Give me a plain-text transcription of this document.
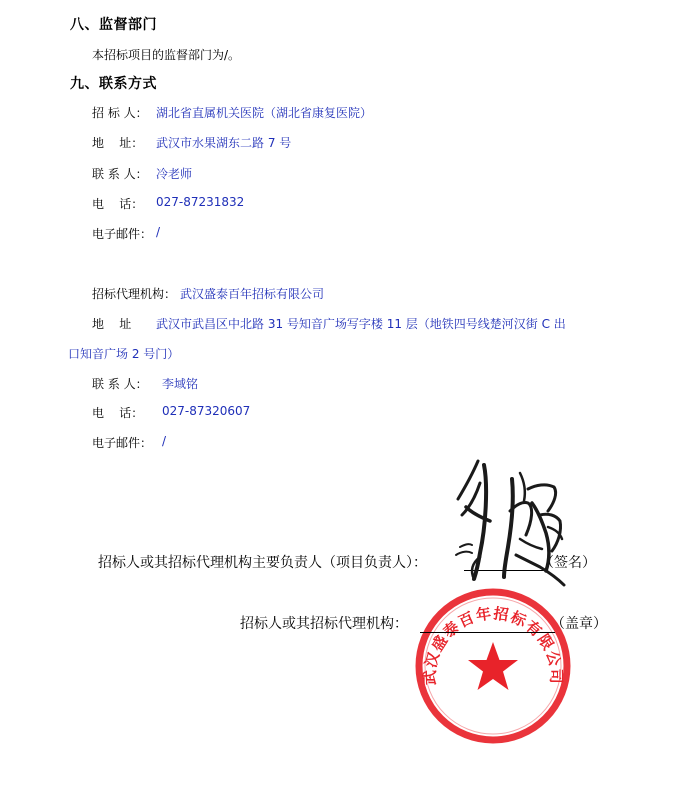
八、监督部门
本招标项目的监督部门为/。
九、联系方式
招 标 人： 湖北省直属机关医院（湖北省康复医院）
地    址： 武汉市水果湖东二路 7 号
联 系 人： 冷老师
电    话： 027-87231832
电子邮件： /
招标代理机构： 武汉盛泰百年招标有限公司
地    址 武汉市武昌区中北路 31 号知音广场写字楼 11 层（地铁四号线楚河汉街 C 出
口知音广场 2 号门）
联 系 人： 李域铭
电    话： 027-87320607
电子邮件： /
武汉盛泰百年招标有限公司
招标人或其招标代理机构主要负责人（项目负责人）：	（签名）
招标人或其招标代理机构：	（盖章）
